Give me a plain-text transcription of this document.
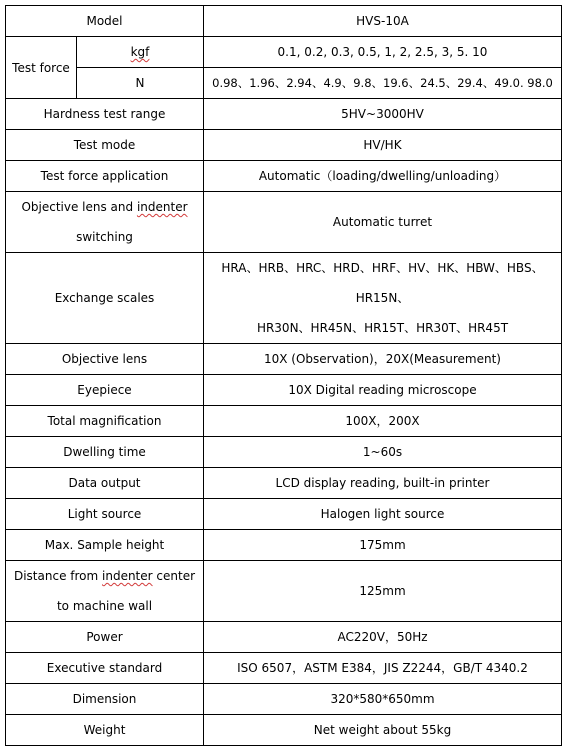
Model		HVS-10A
Test force	kgf	0.1, 0.2, 0.3, 0.5, 1, 2, 2.5, 3, 5. 10
	N	0.98、1.96、2.94、4.9、9.8、19.6、24.5、29.4、49.0. 98.0
Hardness test range		5HV~3000HV
Test mode		HV/HK
Test force application		Automatic（loading/dwelling/unloading）
Objective lens and indenter
switching		Automatic turret
Exchange scales		HRA、HRB、HRC、HRD、HRF、HV、HK、HBW、HBS、HR15N、
HR30N、HR45N、HR15T、HR30T、HR45T
Objective lens		10X (Observation)，20X(Measurement)
Eyepiece		10X Digital reading microscope
Total magnification		100X，200X
Dwelling time		1~60s
Data output		LCD display reading, built-in printer
Light source		Halogen light source
Max. Sample height		175mm
Distance from indenter center
to machine wall		125mm
Power		AC220V，50Hz
Executive standard		ISO 6507，ASTM E384，JIS Z2244，GB/T 4340.2
Dimension		320*580*650mm
Weight		Net weight about 55kg
